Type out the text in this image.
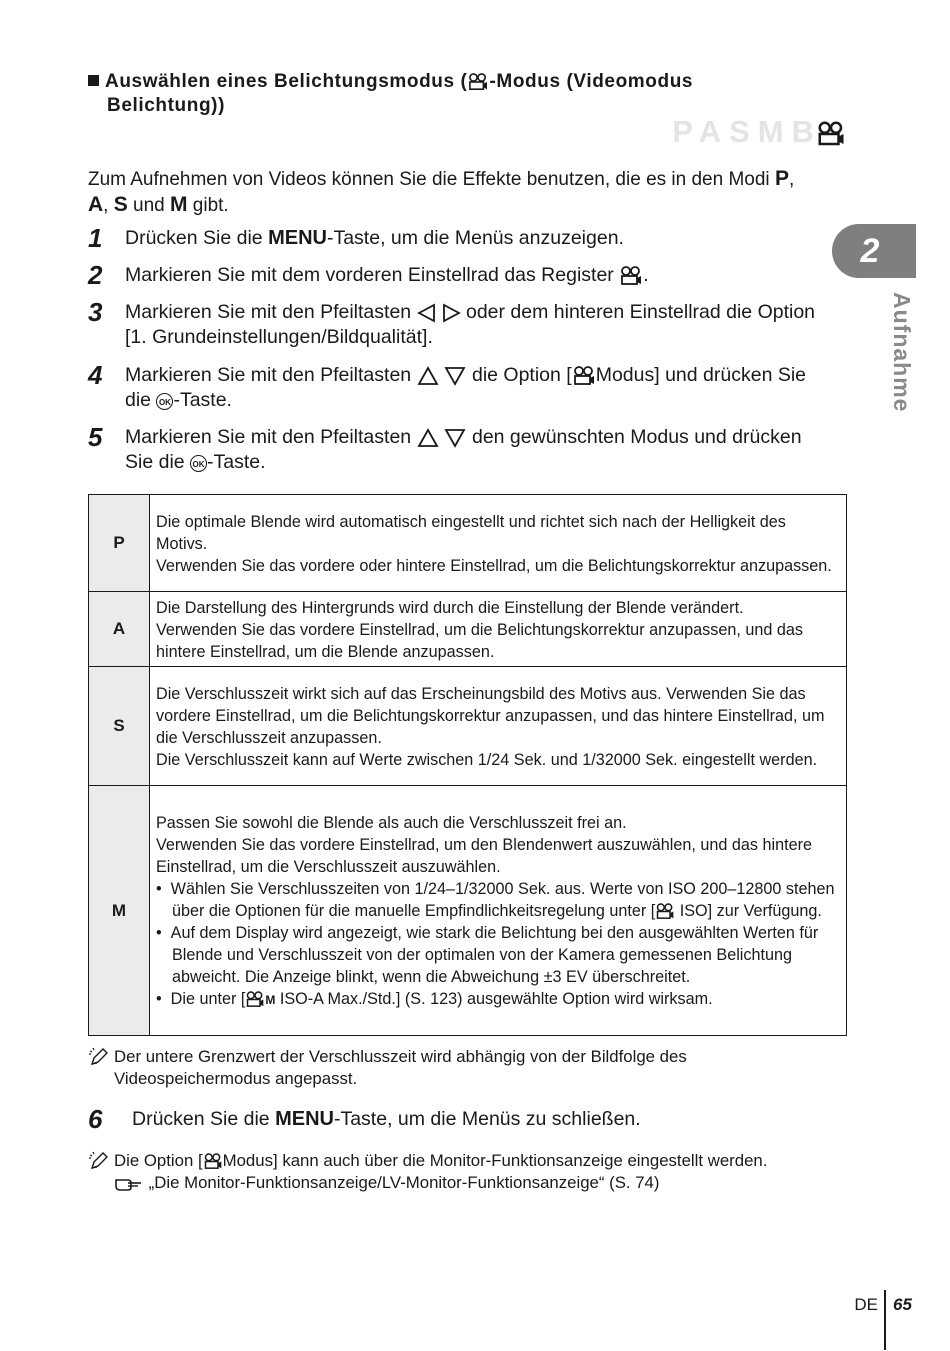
Auswählen eines Belichtungsmodus ( -Modus (Videomodus
Belichtung))
PASMB
Zum Aufnehmen von Videos können Sie die Effekte benutzen, die es in den Modi P,
A, S und M gibt.
1 Drücken Sie die MENU-Taste, um die Menüs anzuzeigen.
2 Markieren Sie mit dem vorderen Einstellrad das Register .
3 Markieren Sie mit den Pfeiltasten  oder dem hinteren Einstellrad die Option [1. Grundeinstellungen/Bildqualität].
4 Markieren Sie mit den Pfeiltasten	die Option [ Modus] und drücken Sie die OK -Taste.
5 Markieren Sie mit den Pfeiltasten	den gewünschten Modus und drücken Sie die OK -Taste.
P	Die optimale Blende wird automatisch eingestellt und richtet sich nach der Helligkeit des Motivs.
Verwenden Sie das vordere oder hintere Einstellrad, um die Belichtungskorrektur anzupassen.

A	Die Darstellung des Hintergrunds wird durch die Einstellung der Blende verändert.
Verwenden Sie das vordere Einstellrad, um die Belichtungskorrektur anzupassen, und das hintere Einstellrad, um die Blende anzupassen.

S	Die Verschlusszeit wirkt sich auf das Erscheinungsbild des Motivs aus. Verwenden Sie das vordere Einstellrad, um die Belichtungskorrektur anzupassen, und das hintere Einstellrad, um die Verschlusszeit anzupassen.
Die Verschlusszeit kann auf Werte zwischen 1/24 Sek. und 1/32000 Sek. eingestellt werden.

M	Passen Sie sowohl die Blende als auch die Verschlusszeit frei an.
Verwenden Sie das vordere Einstellrad, um den Blendenwert auszuwählen, und das hintere Einstellrad, um die Verschlusszeit auszuwählen.
• Wählen Sie Verschlusszeiten von 1/24–1/32000 Sek. aus. Werte von ISO 200–12800 stehen über die Optionen für die manuelle Empfindlichkeitsregelung unter [ ISO] zur Verfügung.
• Auf dem Display wird angezeigt, wie stark die Belichtung bei den ausgewählten Werten für Blende und Verschlusszeit von der optimalen von der Kamera gemessenen Belichtung abweicht. Die Anzeige blinkt, wenn die Abweichung ±3 EV überschreitet.
• Die unter [ M ISO-A Max./Std.] (S. 123) ausgewählte Option wird wirksam.
Der untere Grenzwert der Verschlusszeit wird abhängig von der Bildfolge des Videospeichermodus angepasst.
6 Drücken Sie die MENU-Taste, um die Menüs zu schließen.
Die Option [ Modus] kann auch über die Monitor-Funktionsanzeige eingestellt werden.
„Die Monitor-Funktionsanzeige/LV-Monitor-Funktionsanzeige“ (S. 74)
2
Aufnahme
DE 65
